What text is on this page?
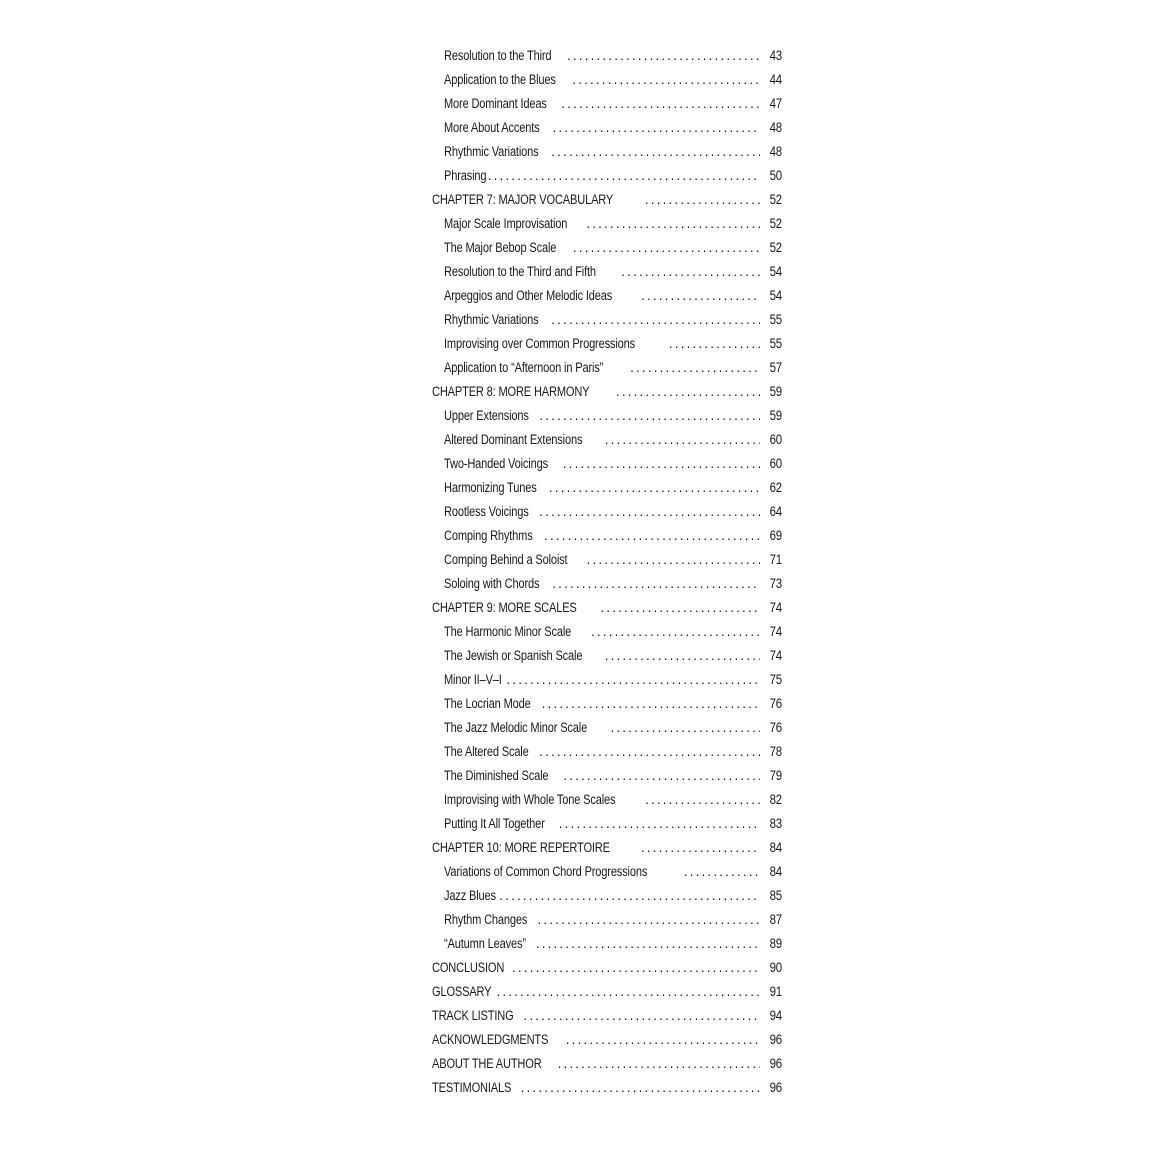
Resolution to the Third . . .	43
Application to the Blues . . .	44
More Dominant Ideas . . .	47
More About Accents . . .	48
Rhythmic Variations . . .	48
Phrasing . . .	50
CHAPTER 7: MAJOR VOCABULARY . . .	52
Major Scale Improvisation . . .	52
The Major Bebop Scale . . .	52
Resolution to the Third and Fifth . . .	54
Arpeggios and Other Melodic Ideas . . .	54
Rhythmic Variations . . .	55
Improvising over Common Progressions . . .	55
Application to “Afternoon in Paris” . . .	57
CHAPTER 8: MORE HARMONY . . .	59
Upper Extensions . . .	59
Altered Dominant Extensions . . .	60
Two-Handed Voicings . . .	60
Harmonizing Tunes . . .	62
Rootless Voicings . . .	64
Comping Rhythms . . .	69
Comping Behind a Soloist . . .	71
Soloing with Chords . . .	73
CHAPTER 9: MORE SCALES . . .	74
The Harmonic Minor Scale . . .	74
The Jewish or Spanish Scale . . .	74
Minor II–V–I . . .	75
The Locrian Mode . . .	76
The Jazz Melodic Minor Scale . . .	76
The Altered Scale . . .	78
The Diminished Scale . . .	79
Improvising with Whole Tone Scales . . .	82
Putting It All Together . . .	83
CHAPTER 10: MORE REPERTOIRE . . .	84
Variations of Common Chord Progressions . . .	84
Jazz Blues . . .	85
Rhythm Changes . . .	87
“Autumn Leaves” . . .	89
CONCLUSION . . .	90
GLOSSARY . . .	91
TRACK LISTING . . .	94
ACKNOWLEDGMENTS . . .	96
ABOUT THE AUTHOR . . .	96
TESTIMONIALS . . .	96
